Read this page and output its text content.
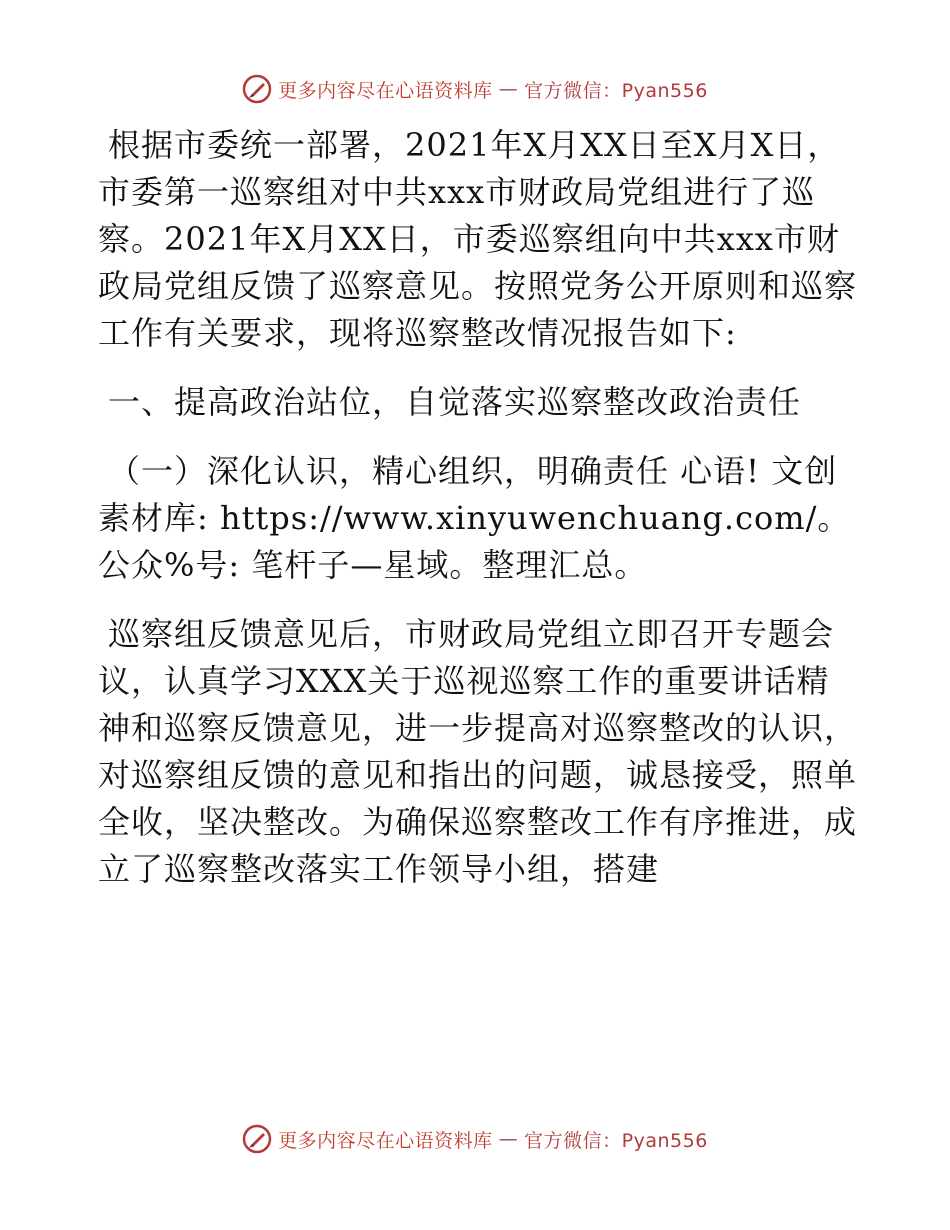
更多内容尽在心语资料库 — 官方微信：Pyan556

根据市委统一部署，2021年X月XX日至X月X日，市委第一巡察组对中共xxx市财政局党组进行了巡察。2021年X月XX日，市委巡察组向中共xxx市财政局党组反馈了巡察意见。按照党务公开原则和巡察工作有关要求，现将巡察整改情况报告如下:

一、提高政治站位，自觉落实巡察整改政治责任

（一）深化认识，精心组织，明确责任 心语! 文创素材库: https://www.xinyuwenchuang.com/。公众%号: 笔杆子—星域。整理汇总。

巡察组反馈意见后，市财政局党组立即召开专题会议，认真学习XXX关于巡视巡察工作的重要讲话精神和巡察反馈意见，进一步提高对巡察整改的认识，对巡察组反馈的意见和指出的问题，诚恳接受，照单全收，坚决整改。为确保巡察整改工作有序推进，成立了巡察整改落实工作领导小组，搭建

更多内容尽在心语资料库 — 官方微信：Pyan556
